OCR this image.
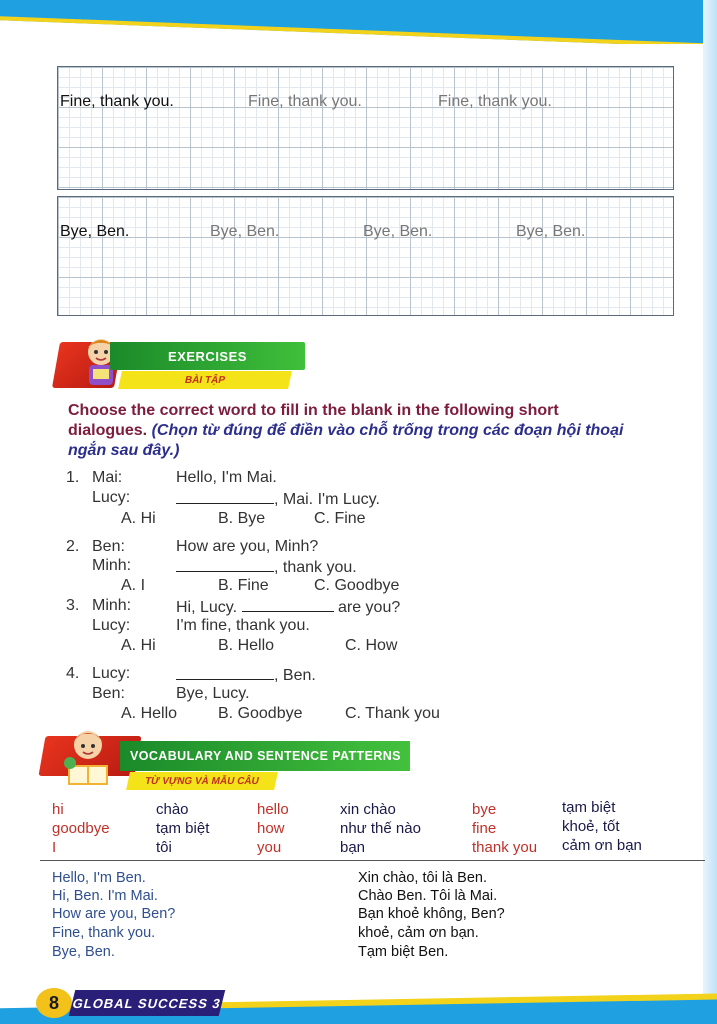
Fine, thank you.	Fine, thank you.	Fine, thank you.
Bye, Ben.	Bye, Ben.	Bye, Ben.	Bye, Ben.
EXERCISES
BÀI TẬP
Choose the correct word to fill in the blank in the following short dialogues. (Chọn từ đúng để điền vào chỗ trống trong các đoạn hội thoại ngắn sau đây.)
1. Mai:	Hello, I'm Mai.
Lucy:	, Mai. I'm Lucy.
A. Hi	B. Bye	C. Fine
2. Ben:	How are you, Minh?
Minh:	, thank you.
A. I	B. Fine	C. Goodbye
3. Minh:	Hi, Lucy.	are you?
Lucy:	I'm fine, thank you.
A. Hi	B. Hello	C. How
4. Lucy:	, Ben.
Ben:	Bye, Lucy.
A. Hello	B. Goodbye	C. Thank you
VOCABULARY AND SENTENCE PATTERNS
TỪ VỰNG VÀ MẪU CÂU
hi	chào
goodbye	tạm biệt
I	tôi
hello	xin chào
how	như thế nào
you	bạn
bye	tạm biệt
fine	khoẻ, tốt
thank you cảm ơn bạn
Hello, I'm Ben.	Xin chào, tôi là Ben.
Hi, Ben. I'm Mai.	Chào Ben. Tôi là Mai.
How are you, Ben?	Bạn khoẻ không, Ben?
Fine, thank you.	khoẻ, cảm ơn bạn.
Bye, Ben.	Tạm biệt Ben.
8 GLOBAL SUCCESS 3
